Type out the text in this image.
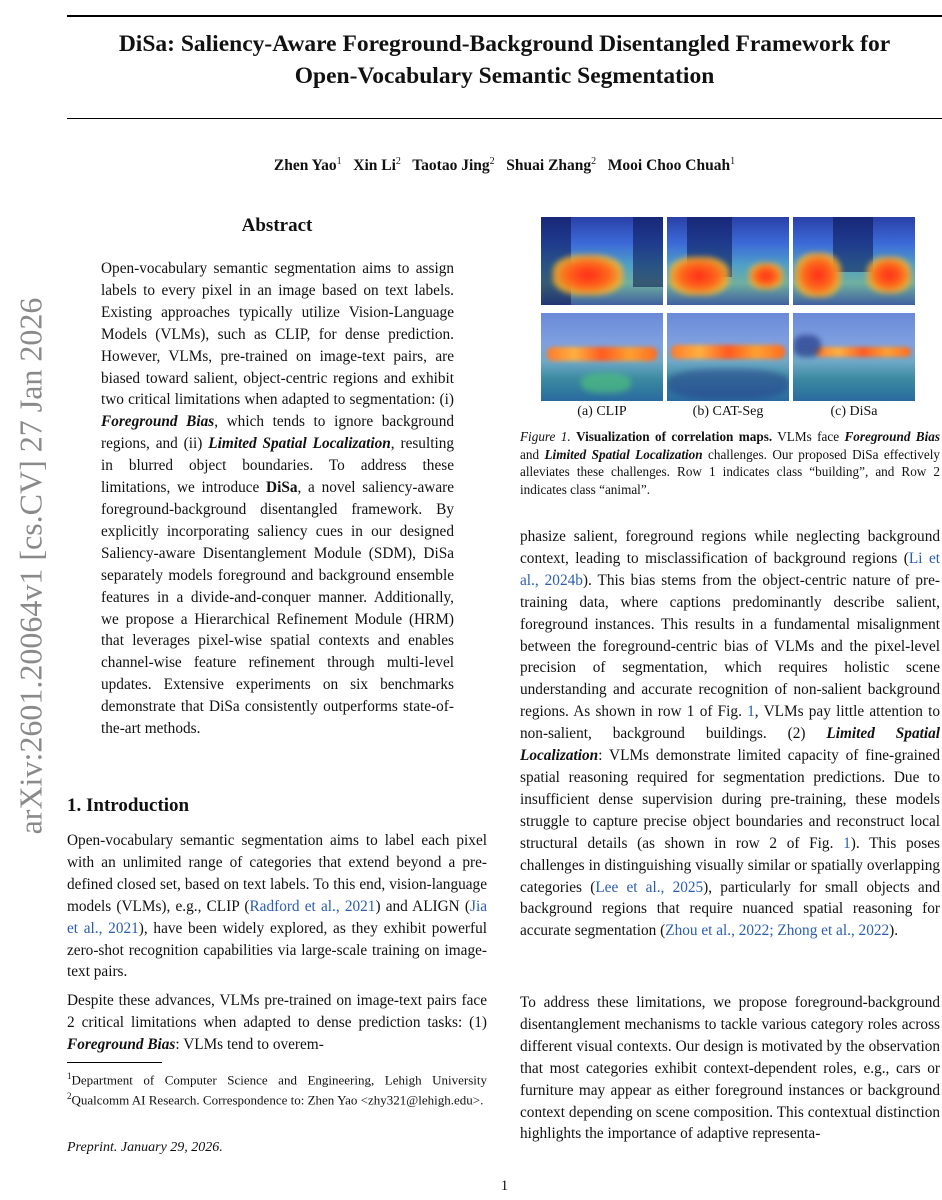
arXiv:2601.20064v1 [cs.CV] 27 Jan 2026
DiSa: Saliency-Aware Foreground-Background Disentangled Framework for
Open-Vocabulary Semantic Segmentation
Zhen Yao$^1$ Xin Li$^2$ Taotao Jing$^2$ Shuai Zhang$^2$ Mooi Choo Chuah$^1$
Abstract
Open-vocabulary semantic segmentation aims to assign labels to every pixel in an image based on text labels. Existing approaches typically utilize Vision-Language Models (VLMs), such as CLIP, for dense prediction. However, VLMs, pre-trained on image-text pairs, are biased toward salient, object-centric regions and exhibit two critical limitations when adapted to segmentation: (i) Foreground Bias, which tends to ignore background regions, and (ii) Limited Spatial Localization, resulting in blurred object boundaries. To address these limitations, we introduce DiSa, a novel saliency-aware foreground-background disentangled framework. By explicitly incorporating saliency cues in our designed Saliency-aware Disentanglement Module (SDM), DiSa separately models foreground and background ensemble features in a divide-and-conquer manner. Additionally, we propose a Hierarchical Refinement Module (HRM) that leverages pixel-wise spatial contexts and enables channel-wise feature refinement through multi-level updates. Extensive experiments on six benchmarks demonstrate that DiSa consistently outperforms state-of-the-art methods.
1. Introduction

Open-vocabulary semantic segmentation aims to label each pixel with an unlimited range of categories that extend beyond a pre-defined closed set, based on text labels. To this end, vision-language models (VLMs), e.g., CLIP (Radford et al., 2021) and ALIGN (Jia et al., 2021), have been widely explored, as they exhibit powerful zero-shot recognition capabilities via large-scale training on image-text pairs.

Despite these advances, VLMs pre-trained on image-text pairs face 2 critical limitations when adapted to dense prediction tasks: (1) Foreground Bias: VLMs tend to overem-

$^1$Department of Computer Science and Engineering, Lehigh University $^2$Qualcomm AI Research. Correspondence to: Zhen Yao <zhy321@lehigh.edu>.
Preprint. January 29, 2026.
(a) CLIP	(b) CAT-Seg	(c) DiSa
Figure 1. Visualization of correlation maps. VLMs face Foreground Bias and Limited Spatial Localization challenges. Our proposed DiSa effectively alleviates these challenges. Row 1 indicates class “building”, and Row 2 indicates class “animal”.

phasize salient, foreground regions while neglecting background context, leading to misclassification of background regions (Li et al., 2024b). This bias stems from the object-centric nature of pre-training data, where captions predominantly describe salient, foreground instances. This results in a fundamental misalignment between the foreground-centric bias of VLMs and the pixel-level precision of segmentation, which requires holistic scene understanding and accurate recognition of non-salient background regions. As shown in row 1 of Fig. 1, VLMs pay little attention to non-salient, background buildings. (2) Limited Spatial Localization: VLMs demonstrate limited capacity of fine-grained spatial reasoning required for segmentation predictions. Due to insufficient dense supervision during pre-training, these models struggle to capture precise object boundaries and reconstruct local structural details (as shown in row 2 of Fig. 1). This poses challenges in distinguishing visually similar or spatially overlapping categories (Lee et al., 2025), particularly for small objects and background regions that require nuanced spatial reasoning for accurate segmentation (Zhou et al., 2022; Zhong et al., 2022).

To address these limitations, we propose foreground-background disentanglement mechanisms to tackle various category roles across different visual contexts. Our design is motivated by the observation that most categories exhibit context-dependent roles, e.g., cars or furniture may appear as either foreground instances or background context depending on scene composition. This contextual distinction highlights the importance of adaptive representa-

1
